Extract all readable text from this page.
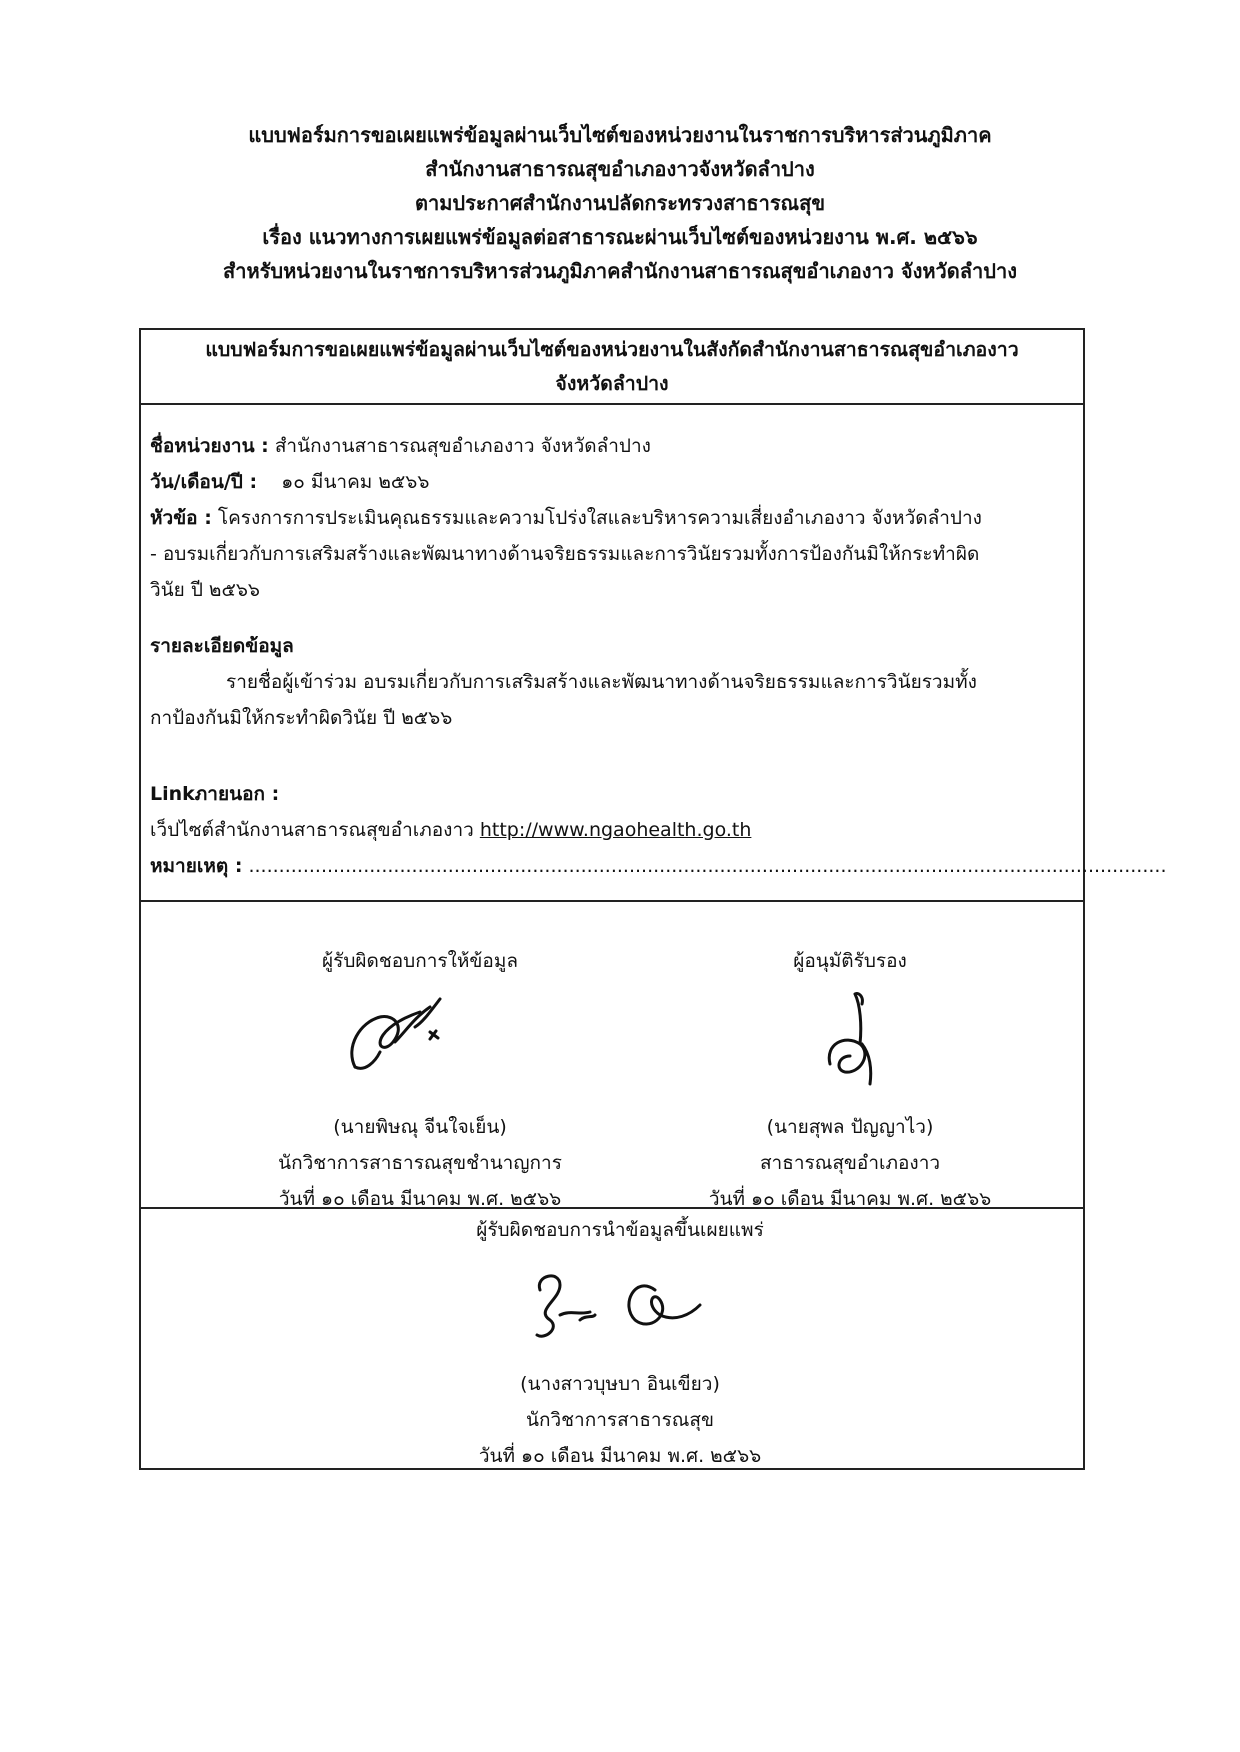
แบบฟอร์มการขอเผยแพร่ข้อมูลผ่านเว็บไซต์ของหน่วยงานในราชการบริหารส่วนภูมิภาค
สำนักงานสาธารณสุขอำเภองาวจังหวัดลำปาง
ตามประกาศสำนักงานปลัดกระทรวงสาธารณสุข
เรื่อง แนวทางการเผยแพร่ข้อมูลต่อสาธารณะผ่านเว็บไซต์ของหน่วยงาน พ.ศ. ๒๕๖๖
สำหรับหน่วยงานในราชการบริหารส่วนภูมิภาคสำนักงานสาธารณสุขอำเภองาว จังหวัดลำปาง
แบบฟอร์มการขอเผยแพร่ข้อมูลผ่านเว็บไซต์ของหน่วยงานในสังกัดสำนักงานสาธารณสุขอำเภองาว
จังหวัดลำปาง
ชื่อหน่วยงาน : สำนักงานสาธารณสุขอำเภองาว จังหวัดลำปาง
วัน/เดือน/ปี : ๑๐ มีนาคม ๒๕๖๖
หัวข้อ : โครงการการประเมินคุณธรรมและความโปร่งใสและบริหารความเสี่ยงอำเภองาว จังหวัดลำปาง
- อบรมเกี่ยวกับการเสริมสร้างและพัฒนาทางด้านจริยธรรมและการวินัยรวมทั้งการป้องกันมิให้กระทำผิด
วินัย ปี ๒๕๖๖
รายละเอียดข้อมูล
รายชื่อผู้เข้าร่วม อบรมเกี่ยวกับการเสริมสร้างและพัฒนาทางด้านจริยธรรมและการวินัยรวมทั้ง
กาป้องกันมิให้กระทำผิดวินัย ปี ๒๕๖๖
Linkภายนอก :
เว็ปไซต์สำนักงานสาธารณสุขอำเภองาว http://www.ngaohealth.go.th
หมายเหตุ : ........................................................................................................................................................
ผู้รับผิดชอบการให้ข้อมูล
(นายพิษณุ จีนใจเย็น)
นักวิชาการสาธารณสุขชำนาญการ
วันที่ ๑๐ เดือน มีนาคม พ.ศ. ๒๕๖๖
ผู้อนุมัติรับรอง
(นายสุพล ปัญญาไว)
สาธารณสุขอำเภองาว
วันที่ ๑๐ เดือน มีนาคม พ.ศ. ๒๕๖๖
ผู้รับผิดชอบการนำข้อมูลขึ้นเผยแพร่
(นางสาวบุษบา อินเขียว)
นักวิชาการสาธารณสุข
วันที่ ๑๐ เดือน มีนาคม พ.ศ. ๒๕๖๖
